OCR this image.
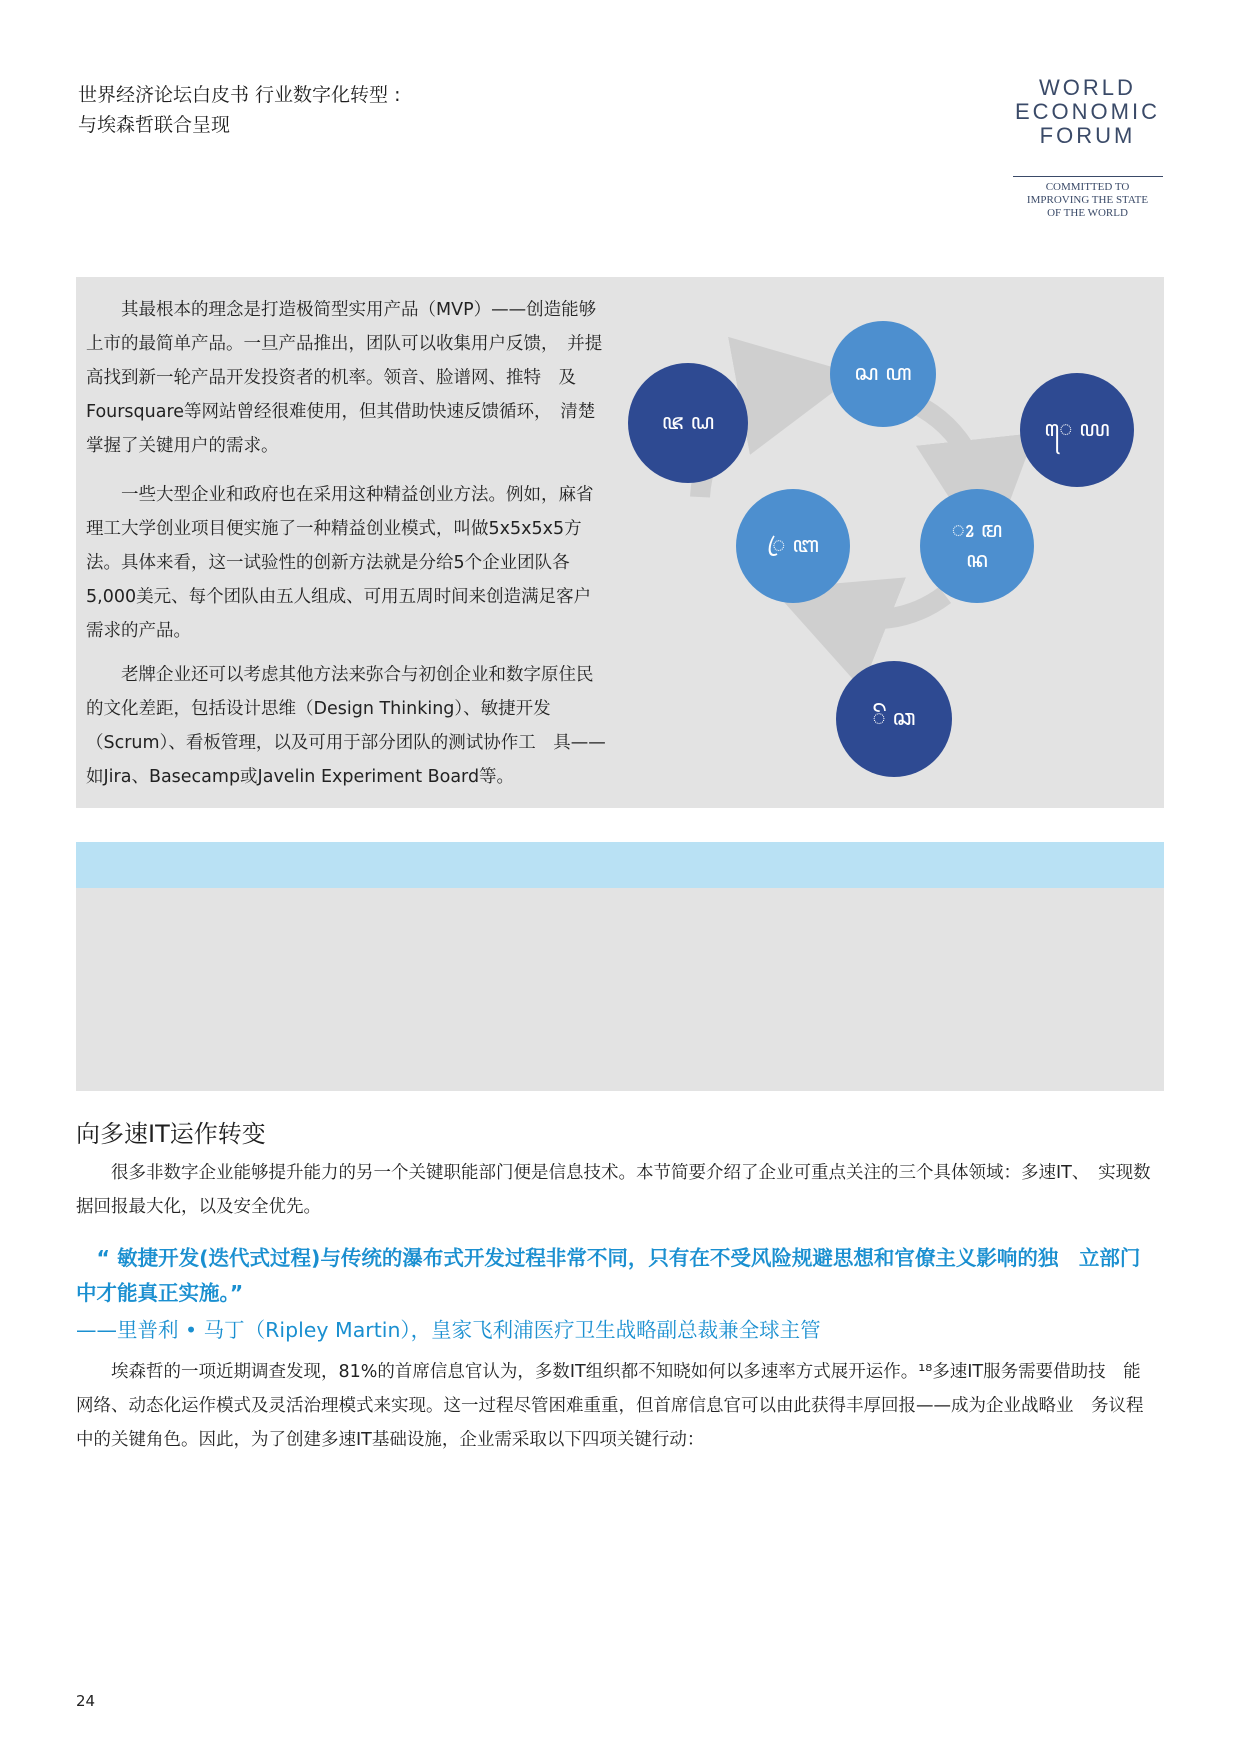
世界经济论坛白皮书 行业数字化转型 :与埃森哲联合呈现
WORLD
ECONOMIC
FORUM
COMMITTED TO
IMPROVING THE STATE
OF THE WORLD
　　其最根本的理念是打造极简型实用产品（MVP）——创造能够上市的最简单产品。一旦产品推出，团队可以收集用户反馈，　并提高找到新一轮产品开发投资者的机率。领音、脸谱网、推特　及Foursquare等网站曾经很难使用，但其借助快速反馈循环，　清楚掌握了关键用户的需求。
　　一些大型企业和政府也在采用这种精益创业方法。例如，麻省理工大学创业项目便实施了一种精益创业模式，叫做5x5x5x5方法。具体来看，这一试验性的创新方法就是分给5个企业团队各5,000美元、每个团队由五人组成、可用五周时间来创造满足客户需求的产品。
　　老牌企业还可以考虑其他方法来弥合与初创企业和数字原住民的文化差距，包括设计思维（Design Thinking）、敏捷开发（Scrum）、看板管理，以及可用于部分团队的测试协作工　具——如Jira、Basecamp或Javelin Experiment Board等。
ꦱ ꦲ
ꦗ ꦝ	ꦺ ꦪ
ꦴ ꦩ
ꦤ
ꦿ ꦧ
ꦼ ꦕ
向多速IT运作转变
　　很多非数字企业能够提升能力的另一个关键职能部门便是信息技术。本节简要介绍了企业可重点关注的三个具体领域：多速IT、　实现数据回报最大化，以及安全优先。
　“ 敏捷开发(迭代式过程)与传统的瀑布式开发过程非常不同，只有在不受风险规避思想和官僚主义影响的独　立部门中才能真正实施。”
——里普利 • 马丁（Ripley Martin），皇家飞利浦医疗卫生战略副总裁兼全球主管
　　埃森哲的一项近期调查发现，81%的首席信息官认为，多数IT组织都不知晓如何以多速率方式展开运作。¹⁸多速IT服务需要借助技　能网络、动态化运作模式及灵活治理模式来实现。这一过程尽管困难重重，但首席信息官可以由此获得丰厚回报——成为企业战略业　务议程中的关键角色。因此，为了创建多速IT基础设施，企业需采取以下四项关键行动：
24
